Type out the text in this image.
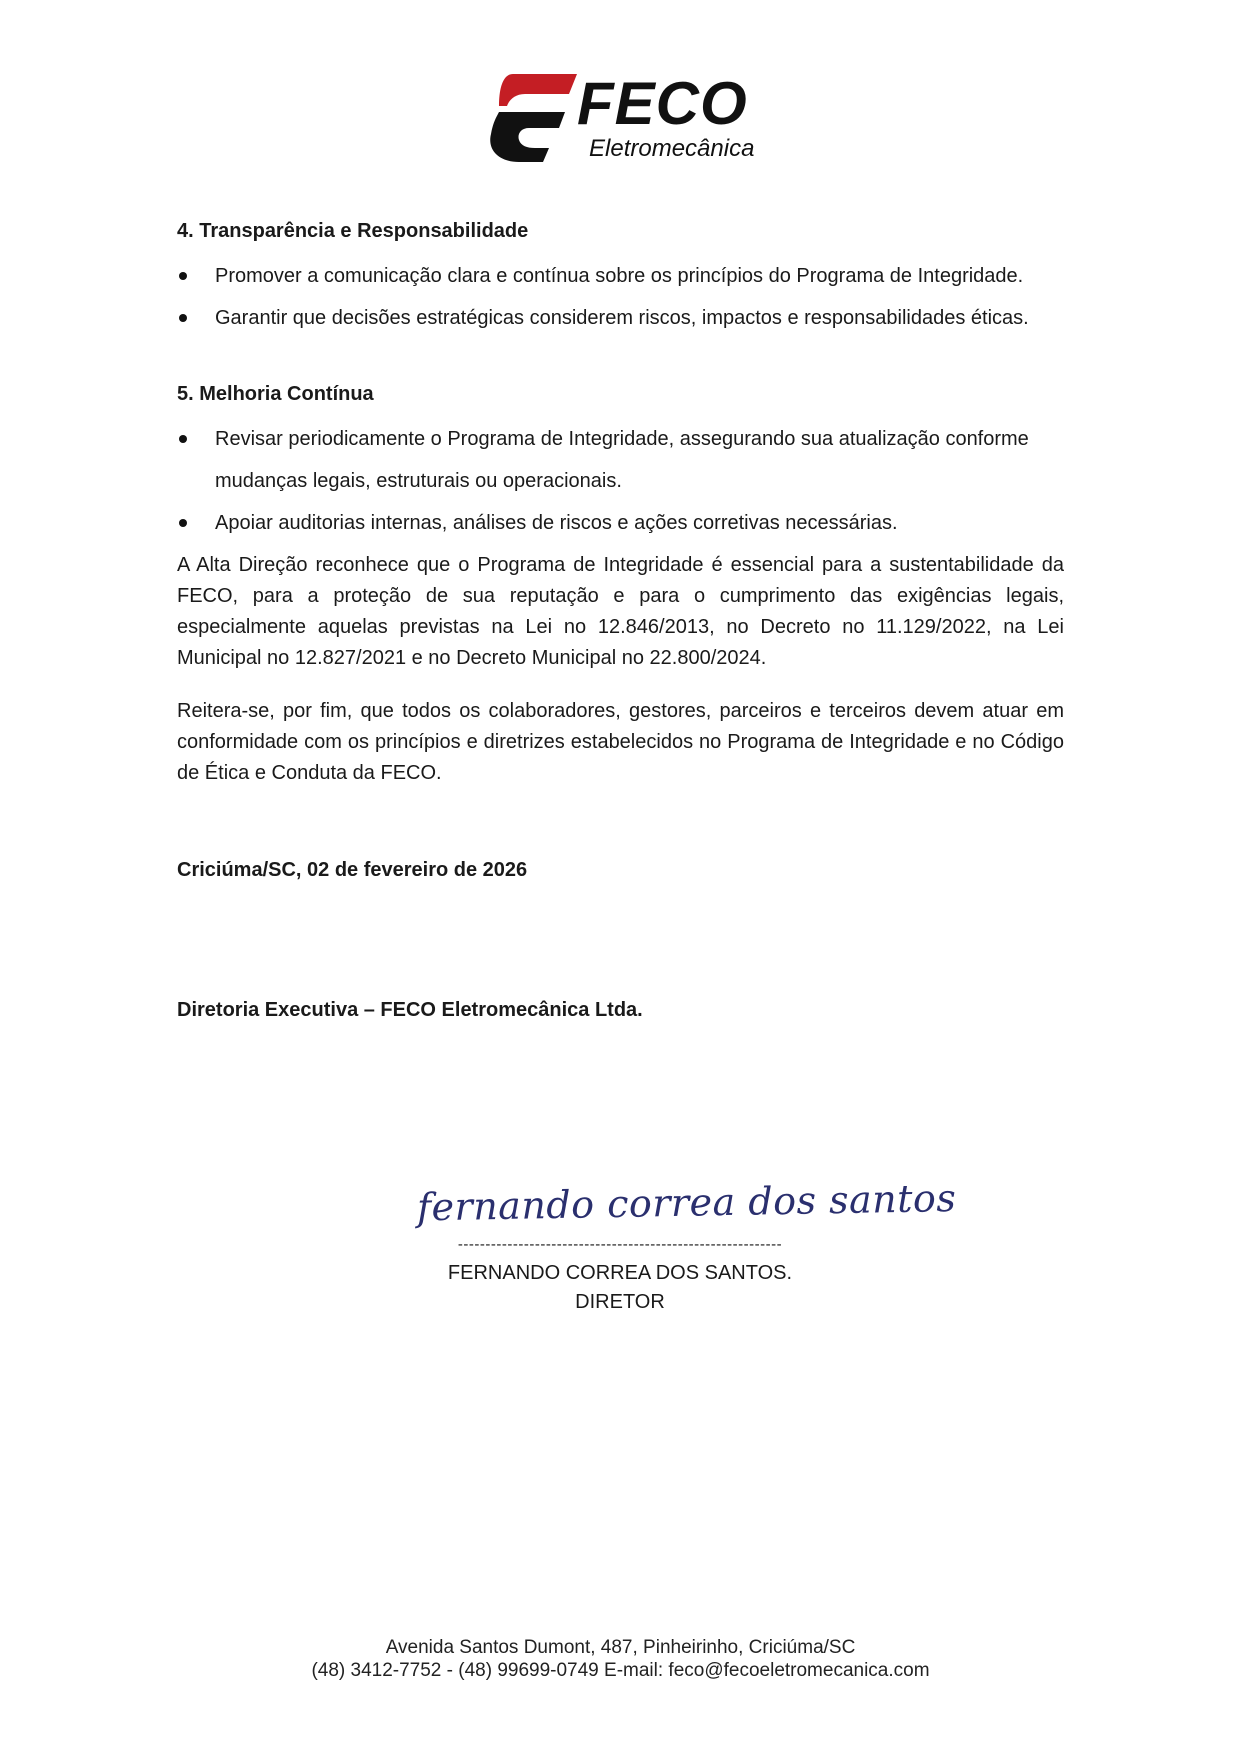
FECO
Eletromecânica

4. Transparência e Responsabilidade

Promover a comunicação clara e contínua sobre os princípios do Programa de Integridade.
Garantir que decisões estratégicas considerem riscos, impactos e responsabilidades éticas.

5. Melhoria Contínua

Revisar periodicamente o Programa de Integridade, assegurando sua atualização conforme mudanças legais, estruturais ou operacionais.
Apoiar auditorias internas, análises de riscos e ações corretivas necessárias.

A Alta Direção reconhece que o Programa de Integridade é essencial para a sustentabilidade da FECO, para a proteção de sua reputação e para o cumprimento das exigências legais, especialmente aquelas previstas na Lei no 12.846/2013, no Decreto no 11.129/2022, na Lei Municipal no 12.827/2021 e no Decreto Municipal no 22.800/2024.

Reitera-se, por fim, que todos os colaboradores, gestores, parceiros e terceiros devem atuar em conformidade com os princípios e diretrizes estabelecidos no Programa de Integridade e no Código de Ética e Conduta da FECO.

Criciúma/SC, 02 de fevereiro de 2026

Diretoria Executiva – FECO Eletromecânica Ltda.

fernando correa dos santos
-----------------------------------------------------------
FERNANDO CORREA DOS SANTOS.
DIRETOR
Avenida Santos Dumont, 487, Pinheirinho, Criciúma/SC
(48) 3412-7752 - (48) 99699-0749 E-mail: feco@fecoeletromecanica.com
